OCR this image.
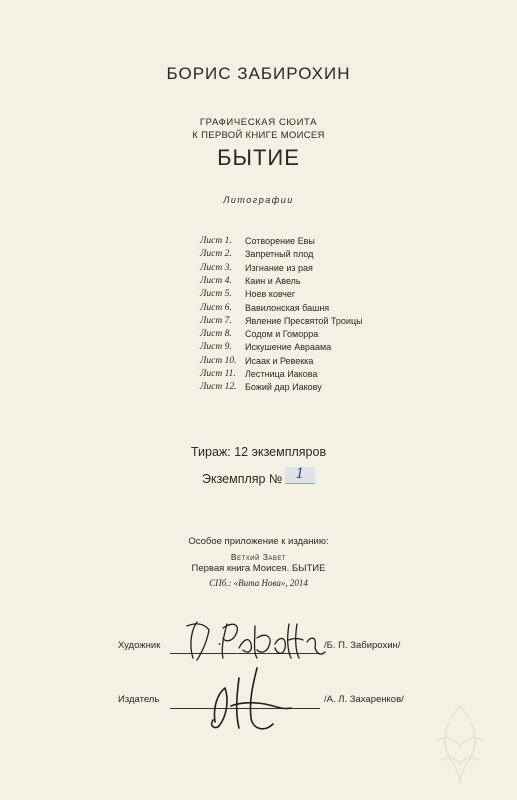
БОРИС ЗАБИРОХИН
ГРАФИЧЕСКАЯ СЮИТА
К ПЕРВОЙ КНИГЕ МОИСЕЯ
БЫТИЕ
Литографии
Лист 1. Сотворение Евы
Лист 2. Запретный плод
Лист 3. Изгнание из рая
Лист 4. Каин и Авель
Лист 5. Ноев ковчег
Лист 6. Вавилонская башня
Лист 7. Явление Пресвятой Троицы
Лист 8. Содом и Гоморра
Лист 9. Искушение Авраама
Лист 10. Исаак и Ревекка
Лист 11. Лестница Иакова
Лист 12. Божий дар Иакову
Тираж: 12 экземпляров
Экземпляр № 1
Особое приложение к изданию:
Ветхий Завет
Первая книга Моисея. БЫТИЕ
СПб.: «Вита Нова», 2014
Художник	/Б. П. Забирохин/
Издатель	/А. Л. Захаренков/
